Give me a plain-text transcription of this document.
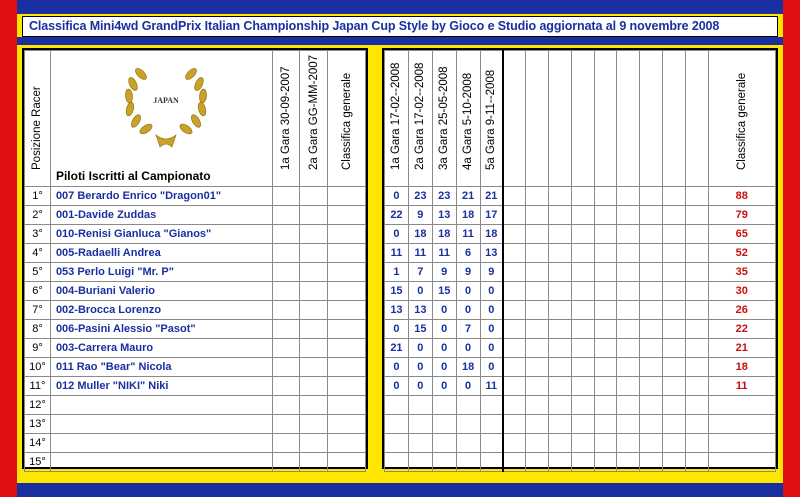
Classifica Mini4wd GrandPrix Italian Championship Japan Cup Style by Gioco e Studio aggiornata al 9 novembre 2008
Posizione Racer	JAPAN
Piloti Iscritti al Campionato	1a Gara 30-09-2007	2a Gara GG-MM-2007	Classifica generale

1°	007 Berardo Enrico "Dragon01"			
2°	001-Davide Zuddas			
3°	010-Renisi Gianluca "Gianos"			
4°	005-Radaelli Andrea			
5°	053 Perlo Luigi "Mr. P"			
6°	004-Buriani Valerio			
7°	002-Brocca Lorenzo			
8°	006-Pasini Alessio "Pasot"			
9°	003-Carrera Mauro			
10°	011 Rao "Bear" Nicola			
11°	012 Muller "NIKI" Niki			
12°				
13°				
14°				
15°				
1a Gara 17-02--2008	2a Gara 17-02--2008	3a Gara 25-05-2008	4a Gara 5-10-2008	5a Gara 9-11--2008										Classifica generale

0	23	23	21	21										88
22	9	13	18	17										79
0	18	18	11	18										65
11	11	11	6	13										52
1	7	9	9	9										35
15	0	15	0	0										30
13	13	0	0	0										26
0	15	0	7	0										22
21	0	0	0	0										21
0	0	0	18	0										18
0	0	0	0	11										11
